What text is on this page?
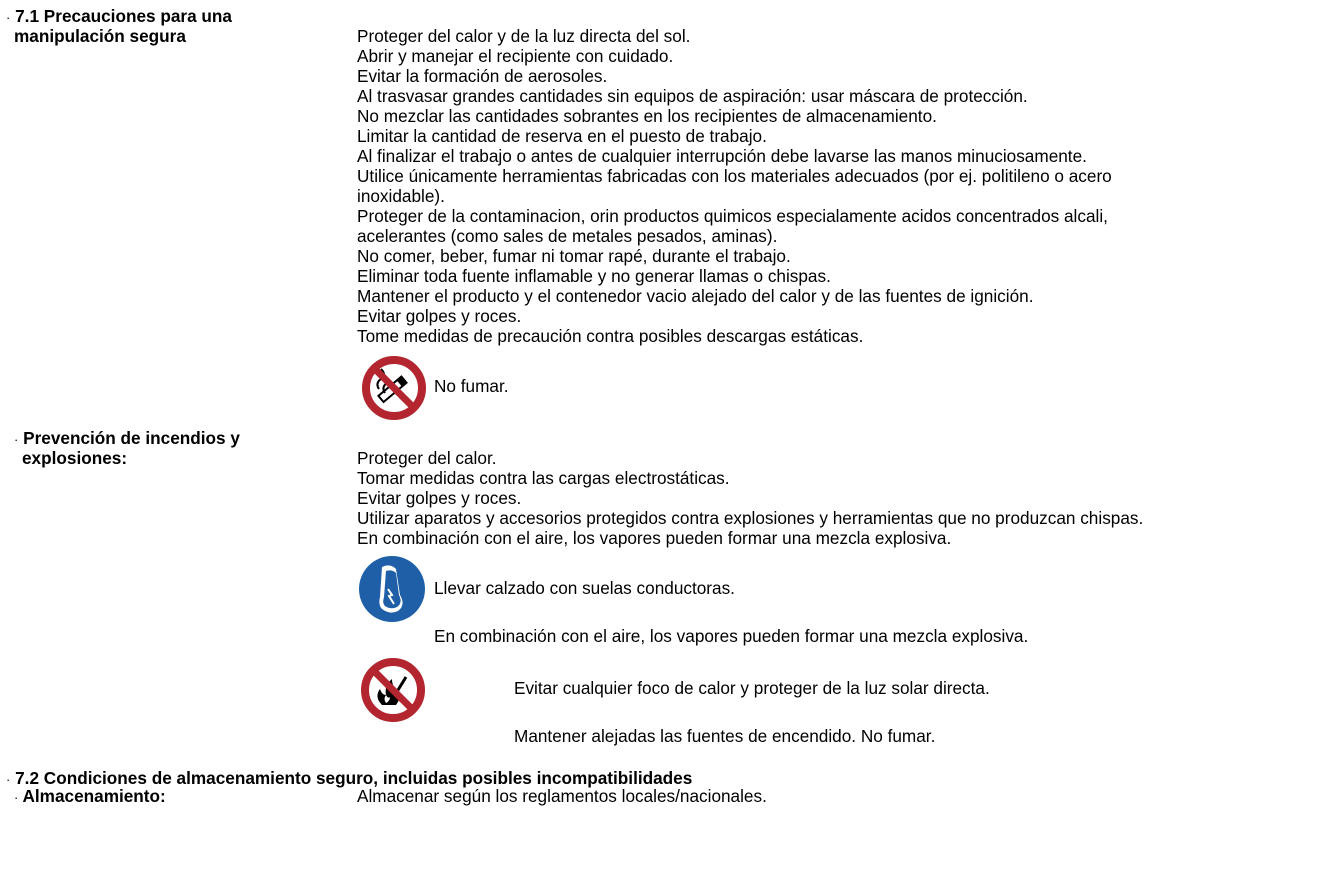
· 7.1 Precauciones para una
manipulación segura	Proteger del calor y de la luz directa del sol.
Abrir y manejar el recipiente con cuidado.
Evitar la formación de aerosoles.
Al trasvasar grandes cantidades sin equipos de aspiración: usar máscara de protección.
No mezclar las cantidades sobrantes en los recipientes de almacenamiento.
Limitar la cantidad de reserva en el puesto de trabajo.
Al finalizar el trabajo o antes de cualquier interrupción debe lavarse las manos minuciosamente.
Utilice únicamente herramientas fabricadas con los materiales adecuados (por ej. politileno o acero
inoxidable).
Proteger de la contaminacion, orin productos quimicos especialamente acidos concentrados alcali,
acelerantes (como sales de metales pesados, aminas).
No comer, beber, fumar ni tomar rapé, durante el trabajo.
Eliminar toda fuente inflamable y no generar llamas o chispas.
Mantener el producto y el contenedor vacio alejado del calor y de las fuentes de ignición.
Evitar golpes y roces.
Tome medidas de precaución contra posibles descargas estáticas.
No fumar.
· Prevención de incendios y
explosiones:	Proteger del calor.
Tomar medidas contra las cargas electrostáticas.
Evitar golpes y roces.
Utilizar aparatos y accesorios protegidos contra explosiones y herramientas que no produzcan chispas.
En combinación con el aire, los vapores pueden formar una mezcla explosiva.
Llevar calzado con suelas conductoras.
En combinación con el aire, los vapores pueden formar una mezcla explosiva.
Evitar cualquier foco de calor y proteger de la luz solar directa.
Mantener alejadas las fuentes de encendido. No fumar.
· 7.2 Condiciones de almacenamiento seguro, incluidas posibles incompatibilidades
· Almacenamiento:	Almacenar según los reglamentos locales/nacionales.
